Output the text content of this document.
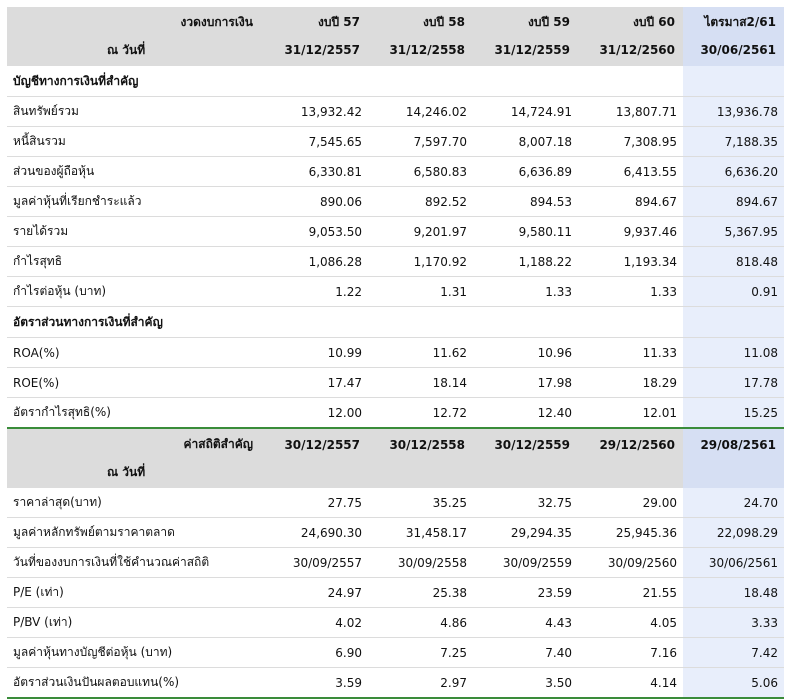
งวดงบการเงิน	งบปี 57	งบปี 58	งบปี 59	งบปี 60	ไตรมาส2/61
ณ วันที่	31/12/2557	31/12/2558	31/12/2559	31/12/2560	30/06/2561
บัญชีทางการเงินที่สำคัญ					
สินทรัพย์รวม	13,932.42	14,246.02	14,724.91	13,807.71	13,936.78
หนี้สินรวม	7,545.65	7,597.70	8,007.18	7,308.95	7,188.35
ส่วนของผู้ถือหุ้น	6,330.81	6,580.83	6,636.89	6,413.55	6,636.20
มูลค่าหุ้นที่เรียกชำระแล้ว	890.06	892.52	894.53	894.67	894.67
รายได้รวม	9,053.50	9,201.97	9,580.11	9,937.46	5,367.95
กำไรสุทธิ	1,086.28	1,170.92	1,188.22	1,193.34	818.48
กำไรต่อหุ้น (บาท)	1.22	1.31	1.33	1.33	0.91
อัตราส่วนทางการเงินที่สำคัญ					
ROA(%)	10.99	11.62	10.96	11.33	11.08
ROE(%)	17.47	18.14	17.98	18.29	17.78
อัตรากำไรสุทธิ(%)	12.00	12.72	12.40	12.01	15.25
ค่าสถิติสำคัญ	30/12/2557	30/12/2558	30/12/2559	29/12/2560	29/08/2561
ณ วันที่					
ราคาล่าสุด(บาท)	27.75	35.25	32.75	29.00	24.70
มูลค่าหลักทรัพย์ตามราคาตลาด	24,690.30	31,458.17	29,294.35	25,945.36	22,098.29
วันที่ของงบการเงินที่ใช้คำนวณค่าสถิติ	30/09/2557	30/09/2558	30/09/2559	30/09/2560	30/06/2561
P/E (เท่า)	24.97	25.38	23.59	21.55	18.48
P/BV (เท่า)	4.02	4.86	4.43	4.05	3.33
มูลค่าหุ้นทางบัญชีต่อหุ้น (บาท)	6.90	7.25	7.40	7.16	7.42
อัตราส่วนเงินปันผลตอบแทน(%)	3.59	2.97	3.50	4.14	5.06
